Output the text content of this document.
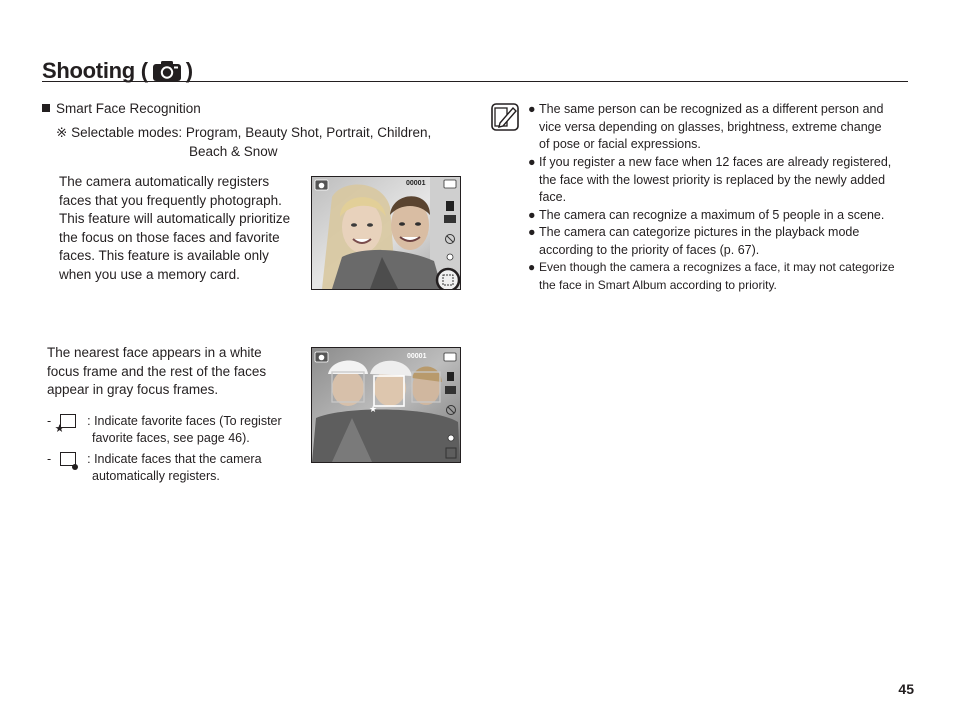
Shooting ( )
Smart Face Recognition
※ Selectable modes: Program, Beauty Shot, Portrait, Children,
Beach & Snow
The camera automatically registers
faces that you frequently photograph.
This feature will automatically prioritize
the focus on those faces and favorite
faces. This feature is available only
when you use a memory card.
00001
The nearest face appears in a white
focus frame and the rest of the faces
appear in gray focus frames.
-
★
: Indicate favorite faces (To register
favorite faces, see page 46).
-	: Indicate faces that the camera
automatically registers.
★
00001
● The same person can be recognized as a different person and
vice versa depending on glasses, brightness, extreme change
of pose or facial expressions.
● If you register a new face when 12 faces are already registered,
the face with the lowest priority is replaced by the newly added
face.
● The camera can recognize a maximum of 5 people in a scene.
● The camera can categorize pictures in the playback mode
according to the priority of faces (p. 67).
● Even though the camera a recognizes a face, it may not categorize
the face in Smart Album according to priority.
45
